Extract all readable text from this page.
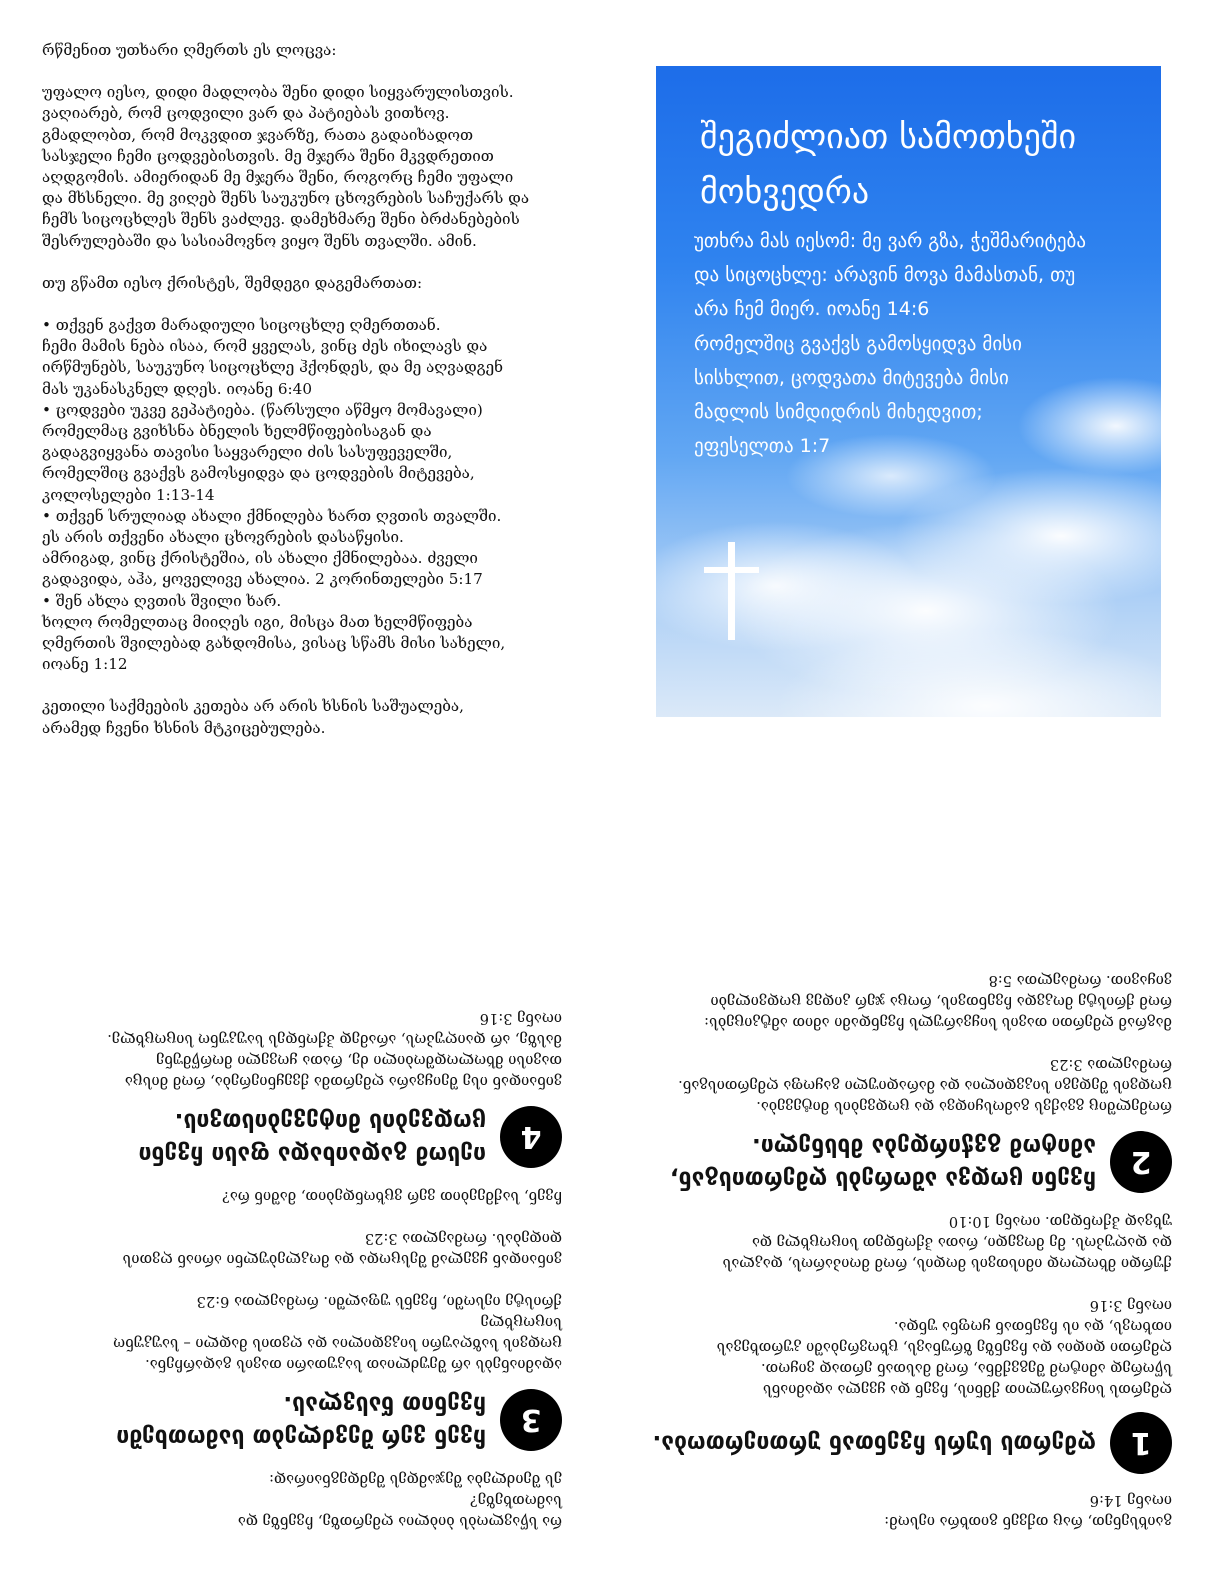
რწმენით უთხარი ღმერთს ეს ლოცვა:

უფალო იესო, დიდი მადლობა შენი დიდი სიყვარულისთვის.

ვაღიარებ, რომ ცოდვილი ვარ და პატიებას ვითხოვ.

გმადლობთ, რომ მოკვდით ჯვარზე, რათა გადაიხადოთ

სასჯელი ჩემი ცოდვებისთვის. მე მჯერა შენი მკვდრეთით

აღდგომის. ამიერიდან მე მჯერა შენი, როგორც ჩემი უფალი

და მხსნელი. მე ვიღებ შენს საუკუნო ცხოვრების საჩუქარს და

ჩემს სიცოცხლეს შენს ვაძლევ. დამეხმარე შენი ბრძანებების

შესრულებაში და სასიამოვნო ვიყო შენს თვალში. ამინ.

თუ გწამთ იესო ქრისტეს, შემდეგი დაგემართათ:

• თქვენ გაქვთ მარადიული სიცოცხლე ღმერთთან.

ჩემი მამის ნება ისაა, რომ ყველას, ვინც ძეს იხილავს და

ირწმუნებს, საუკუნო სიცოცხლე ჰქონდეს, და მე აღვადგენ

მას უკანასკნელ დღეს. იოანე 6:40

• ცოდვები უკვე გეპატიება. (წარსული აწმყო მომავალი)

რომელმაც გვიხსნა ბნელის ხელმწიფებისაგან და

გადაგვიყვანა თავისი საყვარელი ძის სასუფეველში,

რომელშიც გვაქვს გამოსყიდვა და ცოდვების მიტევება,

კოლოსელები 1:13-14

• თქვენ სრულიად ახალი ქმნილება ხართ ღვთის თვალში.

ეს არის თქვენი ახალი ცხოვრების დასაწყისი.

ამრიგად, ვინც ქრისტეშია, ის ახალი ქმნილებაა. ძველი

გადავიდა, აჰა, ყოველივე ახალია. 2 კორინთელები 5:17

• შენ ახლა ღვთის შვილი ხარ.

ხოლო რომელთაც მიიღეს იგი, მისცა მათ ხელმწიფება

ღმერთის შვილებად გახდომისა, ვისაც სწამს მისი სახელი,

იოანე 1:12

კეთილი საქმეების კეთება არ არის ხსნის საშუალება,

არამედ ჩვენი ხსნის მტკიცებულება.

შეგიძლიათ სამოთხეში მოხვედრა
უთხრა მას იესომ: მე ვარ გზა, ჭეშმარიტება
და სიცოცხლე: არავინ მოვა მამასთან, თუ
არა ჩემ მიერ. იოანე 14:6
რომელშიც გვაქვს გამოსყიდვა მისი
სისხლით, ცოდვათა მიტევება მისი
მადლის სიმდიდრის მიხედვით;
ეფესელთა 1:7

რა სწავლობს ბიბლია ღმერთზე, ჩვენზე და

სამოთხეზე?

ეს შეიძლება შეჯამდეს შემდეგნაირად:

3
ჩვენ ვერ შევძლებთ სამოთხეში ჩვენით წასვლას.

ადამიანებს არ შეუძლიათ საკუთარი თავის გადარჩენა.

ცოდვის საზღაური სიკვდილია და ღვთის მადლი – საუკუნო სიცოცხლე

ქრისტე იესოში, ჩვენს უფალში. რომაელთა 6:23

ვინაიდან ყველამ შესცოდა და მოკლებულნი არიან ღვთის

დიდებას. რომაელთა 3:23

ჩვენ, საქმეებით ვერ ვცხონდებით, მაშინ რა?

4
იესომ გადაიხადა ფასი ჩვენი ცოდვების მიტევებისთვის.

ვინაიდან ისე შეიყვარა ღმერთმა ქვეყნიერება, რომ მისცა

თავისი მხოლოდშობილი ძე, რათა ყოველი მორწმუნე

მასზე, არ დაიღუპოს, არამედ ჰქონდეს საუკუნო სიცოცხლე.

იოანე 3:16

გაიხსენეთ, რაც თქვენ გითხრა იესომ:

იოანე 14:6

1
ღმერთს სურს ჩვენთან ურთიერთობა.

ღმერთს სიყვარულით ქმნის, ჩვენ და ყველა ადამიანს

სწორედ ამიტომ შეგვქმნა, რომ მასთან ერთად ვიყოთ.

ღმერთი დიდია და ჩვენზე ზრუნავს, ცხოვრებაში კურთხევას

ითხოვს, და ის ჩვენთან ყოფნა უნდა.

იოანე 3:16

ქურდი მხოლოდ იმისთვის მოდის, რომ მოიპაროს, დაკლას

და დაღუპოს. მე მოვედი, რათა ჰქონდეთ სიცოცხლე და

უხვად ჰქონდეთ. იოანე 10:10

2
ჩვენი ცოდვა აშორებს ღმერთისგან, ამიტომ გვჭირდება მხსნელი.

რომელშიც გვაქვს გამოსყიდვა და ცოდვების მიტევება.

ცოდვის შედეგი სიკვდილია და მარადიული გაყოფა ღმერთისგან.

რომაელთა 3:23

მაგრამ ღმერთი თავის სიყვარულს ჩვენდამი ამით ამტკიცებს:

რომ ქრისტე მოკვდა ჩვენთვის, როცა ჯერ კიდევ ცოდვილები

ვიყავით. რომაელთა 5:8
